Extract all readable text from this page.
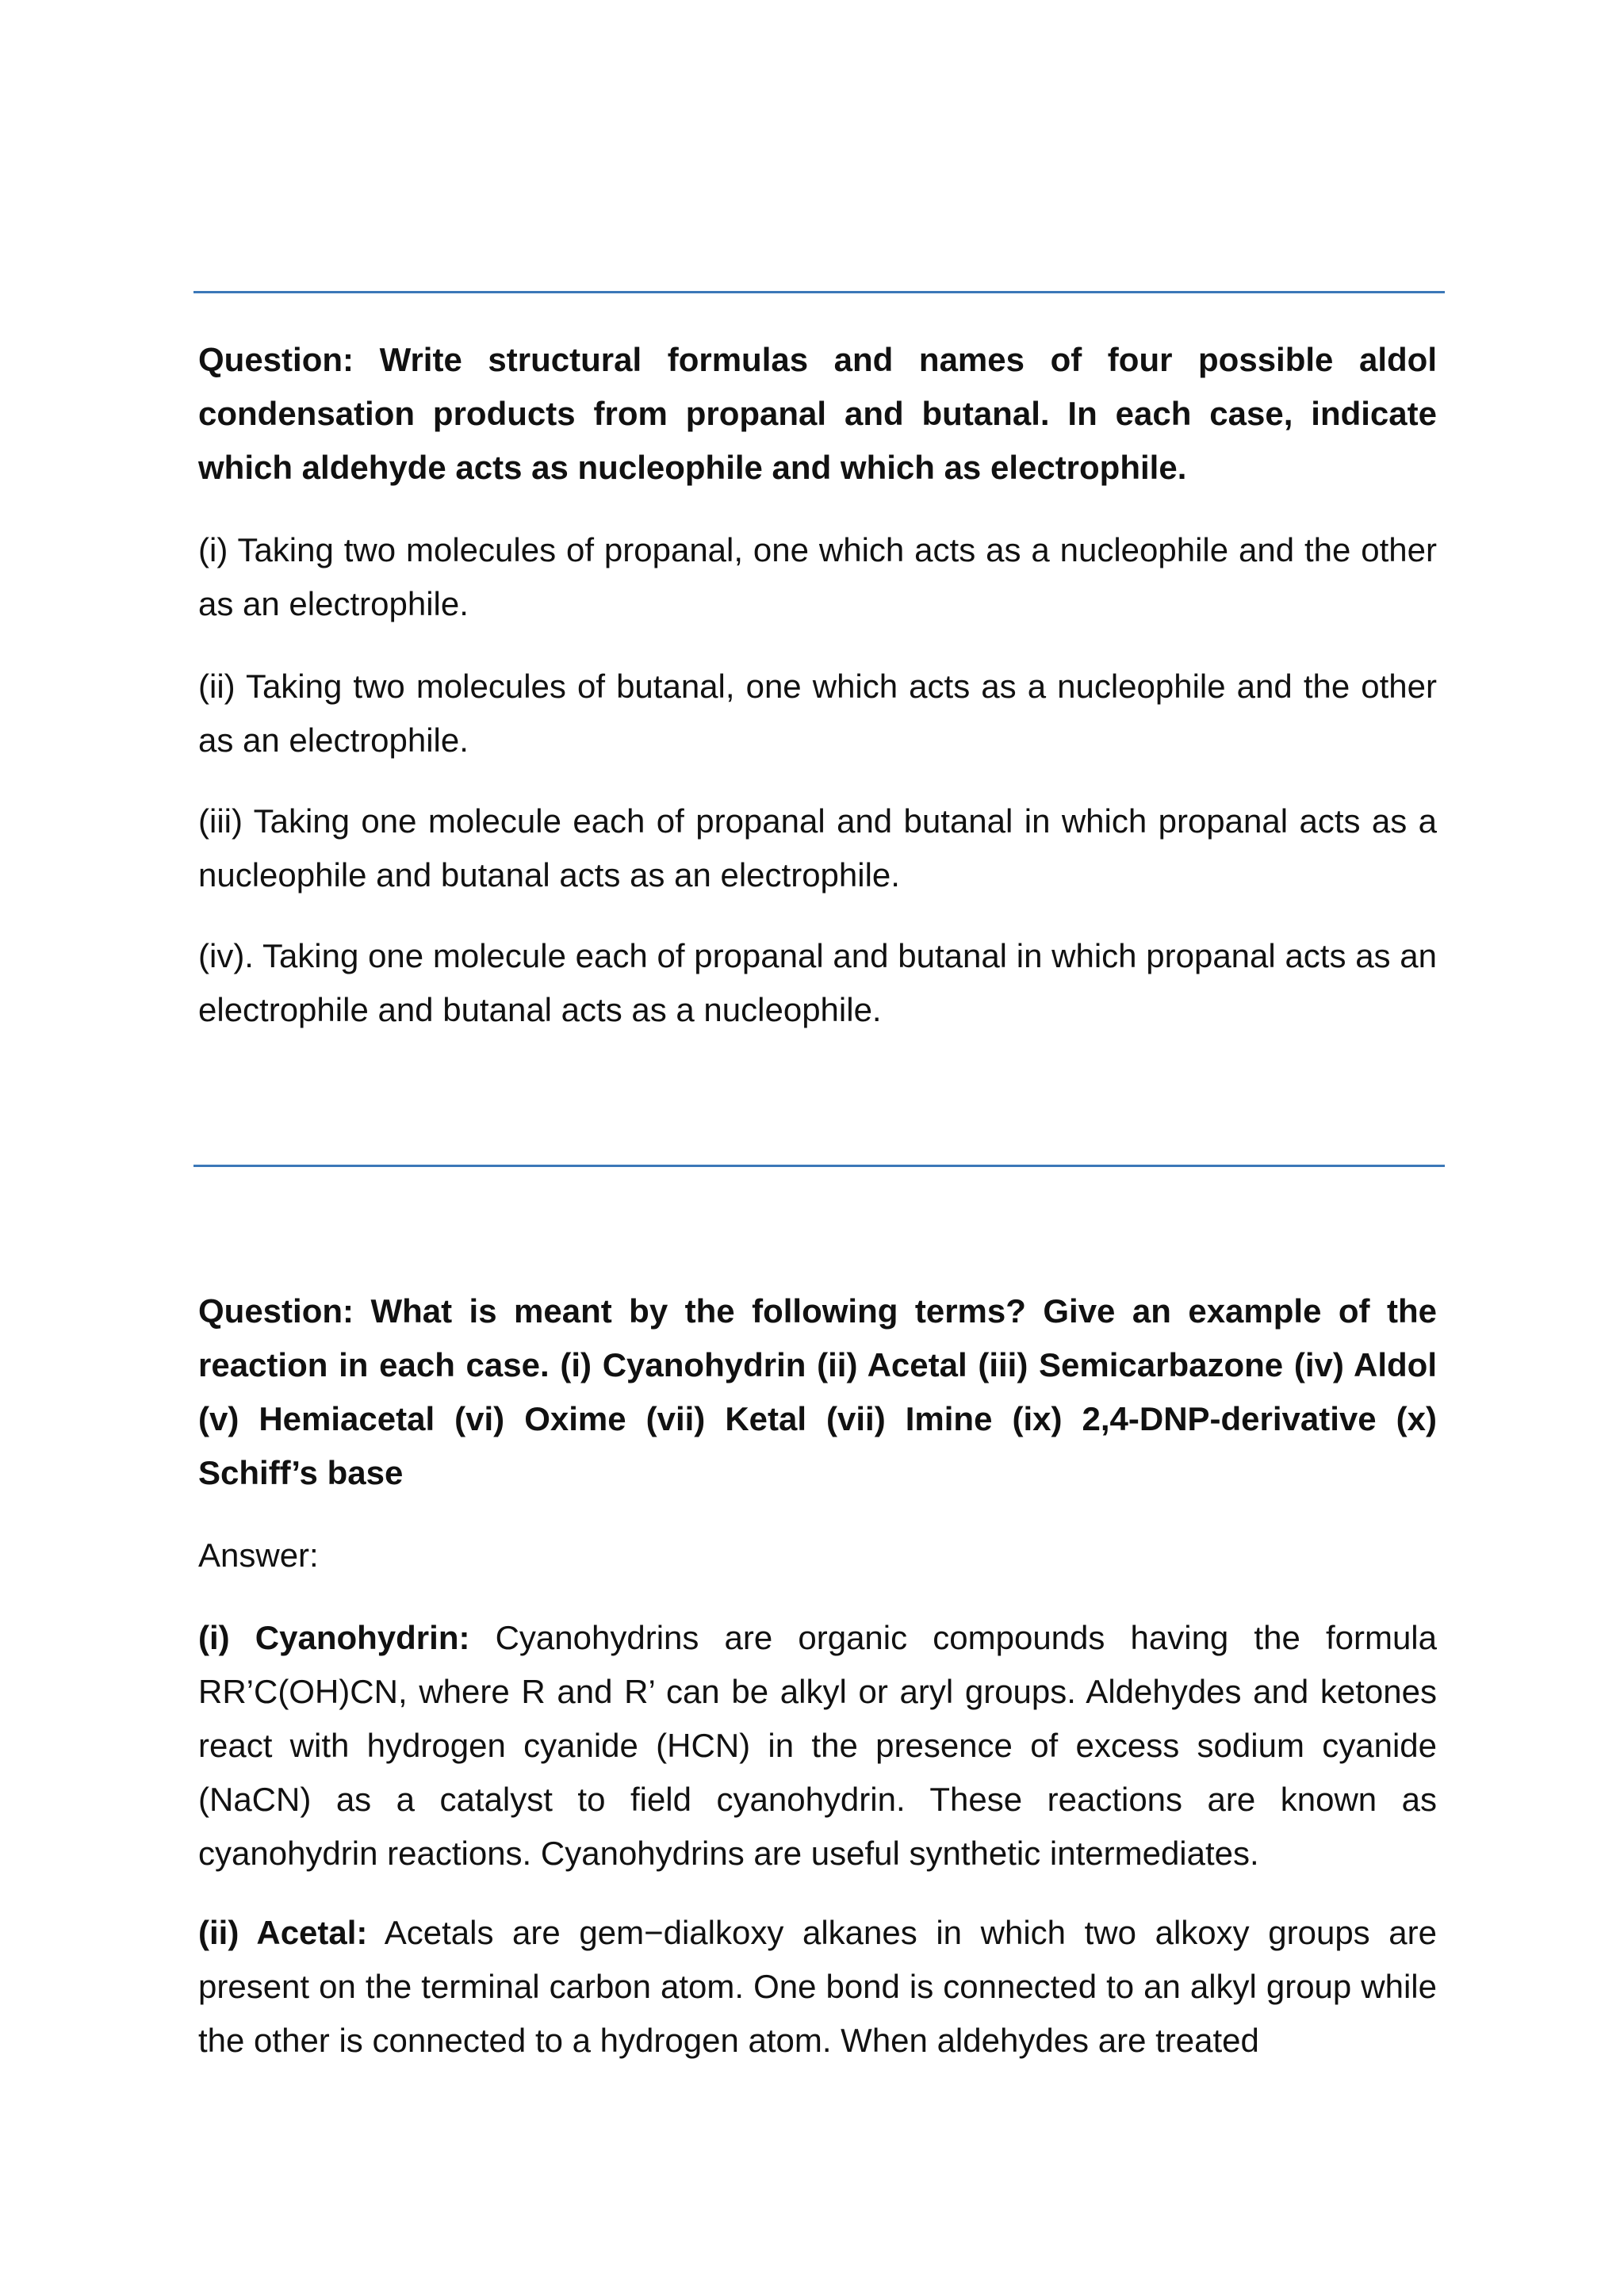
Question: Write structural formulas and names of four possible aldol condensation products from propanal and butanal. In each case, indicate which aldehyde acts as nucleophile and which as electrophile.
(i) Taking two molecules of propanal, one which acts as a nucleophile and the other as an electrophile.
(ii) Taking two molecules of butanal, one which acts as a nucleophile and the other as an electrophile.
(iii) Taking one molecule each of propanal and butanal in which propanal acts as a nucleophile and butanal acts as an electrophile.
(iv). Taking one molecule each of propanal and butanal in which propanal acts as an electrophile and butanal acts as a nucleophile.
Question: What is meant by the following terms? Give an example of the reaction in each case. (i) Cyanohydrin (ii) Acetal (iii) Semicarbazone (iv) Aldol (v) Hemiacetal (vi) Oxime (vii) Ketal (vii) Imine (ix) 2,4-DNP-derivative (x) Schiff’s base
Answer:
(i) Cyanohydrin: Cyanohydrins are organic compounds having the formula RR’C(OH)CN, where R and R’ can be alkyl or aryl groups. Aldehydes and ketones react with hydrogen cyanide (HCN) in the presence of excess sodium cyanide (NaCN) as a catalyst to field cyanohydrin. These reactions are known as cyanohydrin reactions. Cyanohydrins are useful synthetic intermediates.
(ii) Acetal: Acetals are gem−dialkoxy alkanes in which two alkoxy groups are present on the terminal carbon atom. One bond is connected to an alkyl group while the other is connected to a hydrogen atom. When aldehydes are treated
